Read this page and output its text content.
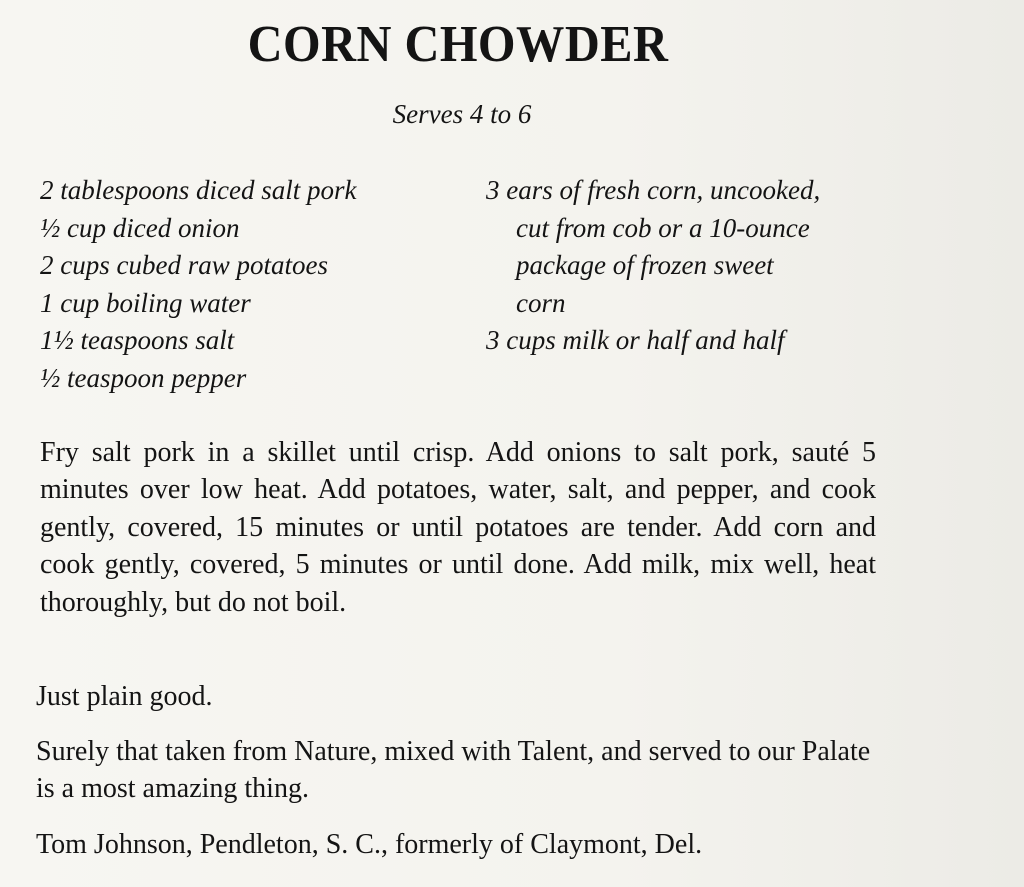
CORN CHOWDER
Serves 4 to 6
2 tablespoons diced salt pork
½ cup diced onion
2 cups cubed raw potatoes
1 cup boiling water
1½ teaspoons salt
½ teaspoon pepper
3 ears of fresh corn, uncooked,
cut from cob or a 10-ounce
package of frozen sweet
corn
3 cups milk or half and half

Fry salt pork in a skillet until crisp. Add onions to salt pork, sauté 5 minutes over low heat. Add potatoes, water, salt, and pepper, and cook gently, covered, 15 minutes or until potatoes are tender. Add corn and cook gently, covered, 5 minutes or until done. Add milk, mix well, heat thoroughly, but do not boil.

Just plain good.

Surely that taken from Nature, mixed with Talent, and served to our Palate is a most amazing thing.

Tom Johnson, Pendleton, S. C., formerly of Claymont, Del.
